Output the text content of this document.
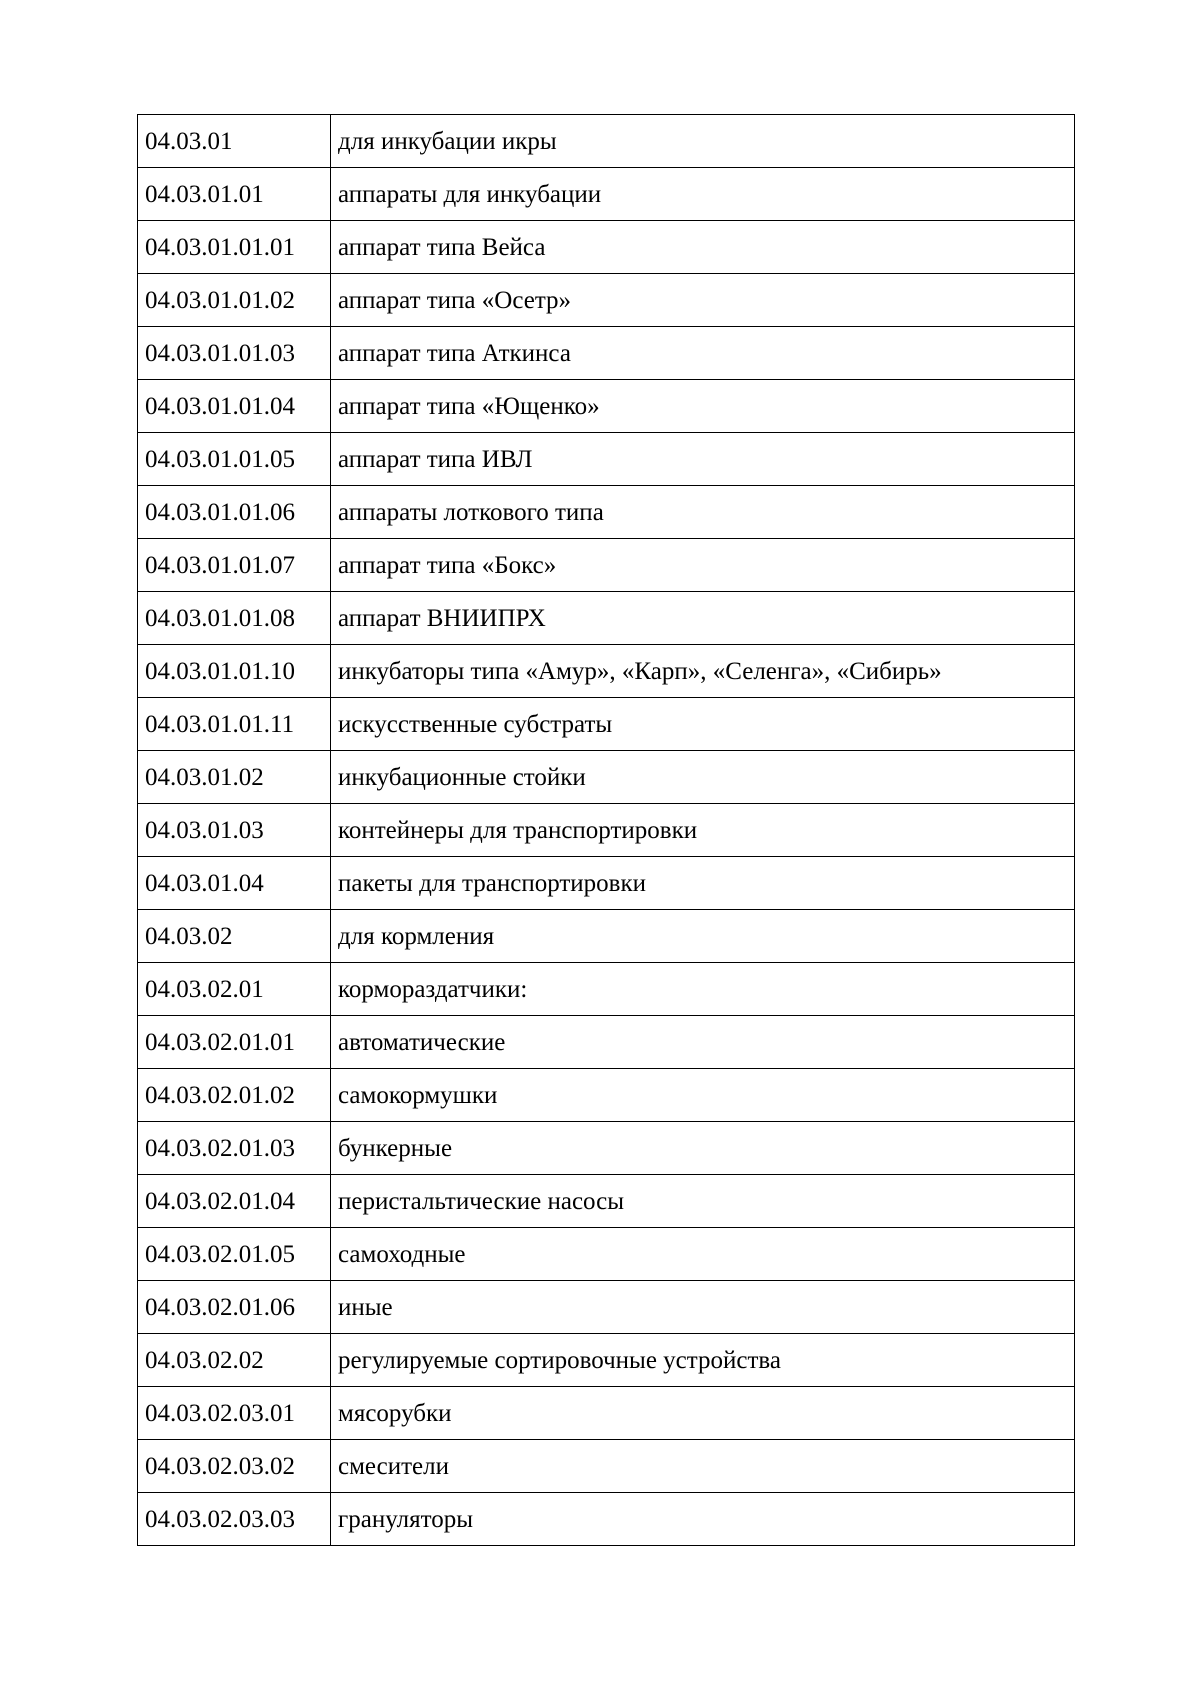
04.03.01	для инкубации икры
04.03.01.01	аппараты для инкубации
04.03.01.01.01	аппарат типа Вейса
04.03.01.01.02	аппарат типа «Осетр»
04.03.01.01.03	аппарат типа Аткинса
04.03.01.01.04	аппарат типа «Ющенко»
04.03.01.01.05	аппарат типа ИВЛ
04.03.01.01.06	аппараты лоткового типа
04.03.01.01.07	аппарат типа «Бокс»
04.03.01.01.08	аппарат ВНИИПРХ
04.03.01.01.10	инкубаторы типа «Амур», «Карп», «Селенга», «Сибирь»
04.03.01.01.11	искусственные субстраты
04.03.01.02	инкубационные стойки
04.03.01.03	контейнеры для транспортировки
04.03.01.04	пакеты для транспортировки
04.03.02	для кормления
04.03.02.01	кормораздатчики:
04.03.02.01.01	автоматические
04.03.02.01.02	самокормушки
04.03.02.01.03	бункерные
04.03.02.01.04	перистальтические насосы
04.03.02.01.05	самоходные
04.03.02.01.06	иные
04.03.02.02	регулируемые сортировочные устройства
04.03.02.03.01	мясорубки
04.03.02.03.02	смесители
04.03.02.03.03	грануляторы
